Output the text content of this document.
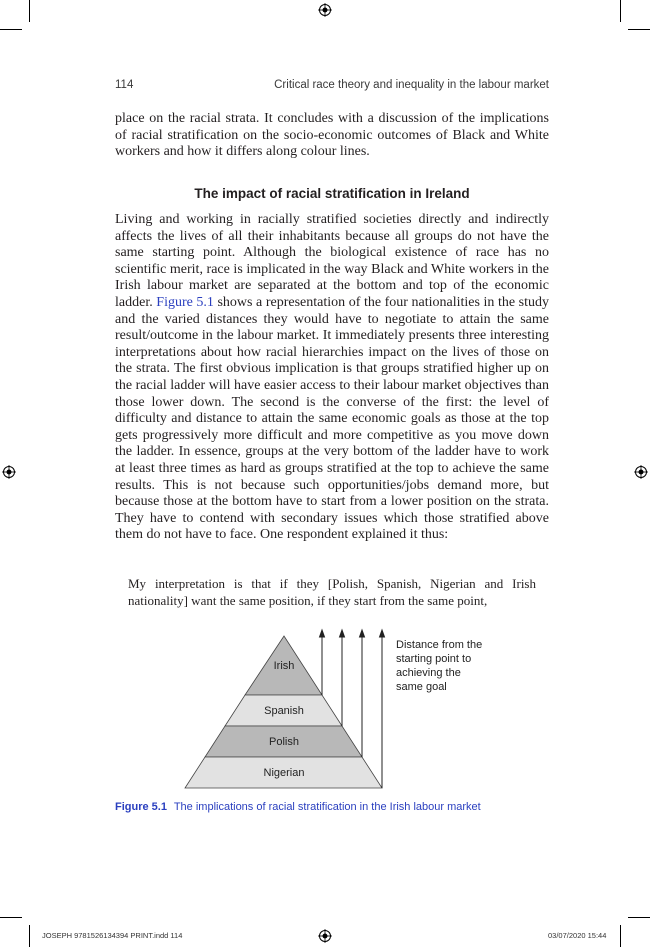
114	Critical race theory and inequality in the labour market

place on the racial strata. It concludes with a discussion of the implications of racial stratification on the socio-economic outcomes of Black and White workers and how it differs along colour lines.

The impact of racial stratification in Ireland

Living and working in racially stratified societies directly and indirectly affects the lives of all their inhabitants because all groups do not have the same starting point. Although the biological existence of race has no scientific merit, race is implicated in the way Black and White workers in the Irish labour market are separated at the bottom and top of the economic ladder. Figure 5.1 shows a representation of the four nationalities in the study and the varied distances they would have to negotiate to attain the same result/outcome in the labour market. It immediately presents three interesting interpretations about how racial hierarchies impact on the lives of those on the strata. The first obvious implication is that groups stratified higher up on the racial ladder will have easier access to their labour market objectives than those lower down. The second is the converse of the first: the level of difficulty and distance to attain the same economic goals as those at the top gets progressively more difficult and more competitive as you move down the ladder. In essence, groups at the very bottom of the ladder have to work at least three times as hard as groups stratified at the top to achieve the same results. This is not because such opportunities/jobs demand more, but because those at the bottom have to start from a lower position on the strata. They have to contend with secondary issues which those stratified above them do not have to face. One respondent explained it thus:

My interpretation is that if they [Polish, Spanish, Nigerian and Irish nationality] want the same position, if they start from the same point,

Irish
Spanish
Polish
Nigerian
Distance from the
starting point to
achieving the
same goal
Figure 5.1 The implications of racial stratification in the Irish labour market
JOSEPH 9781526134394 PRINT.indd 114	03/07/2020 15:44
